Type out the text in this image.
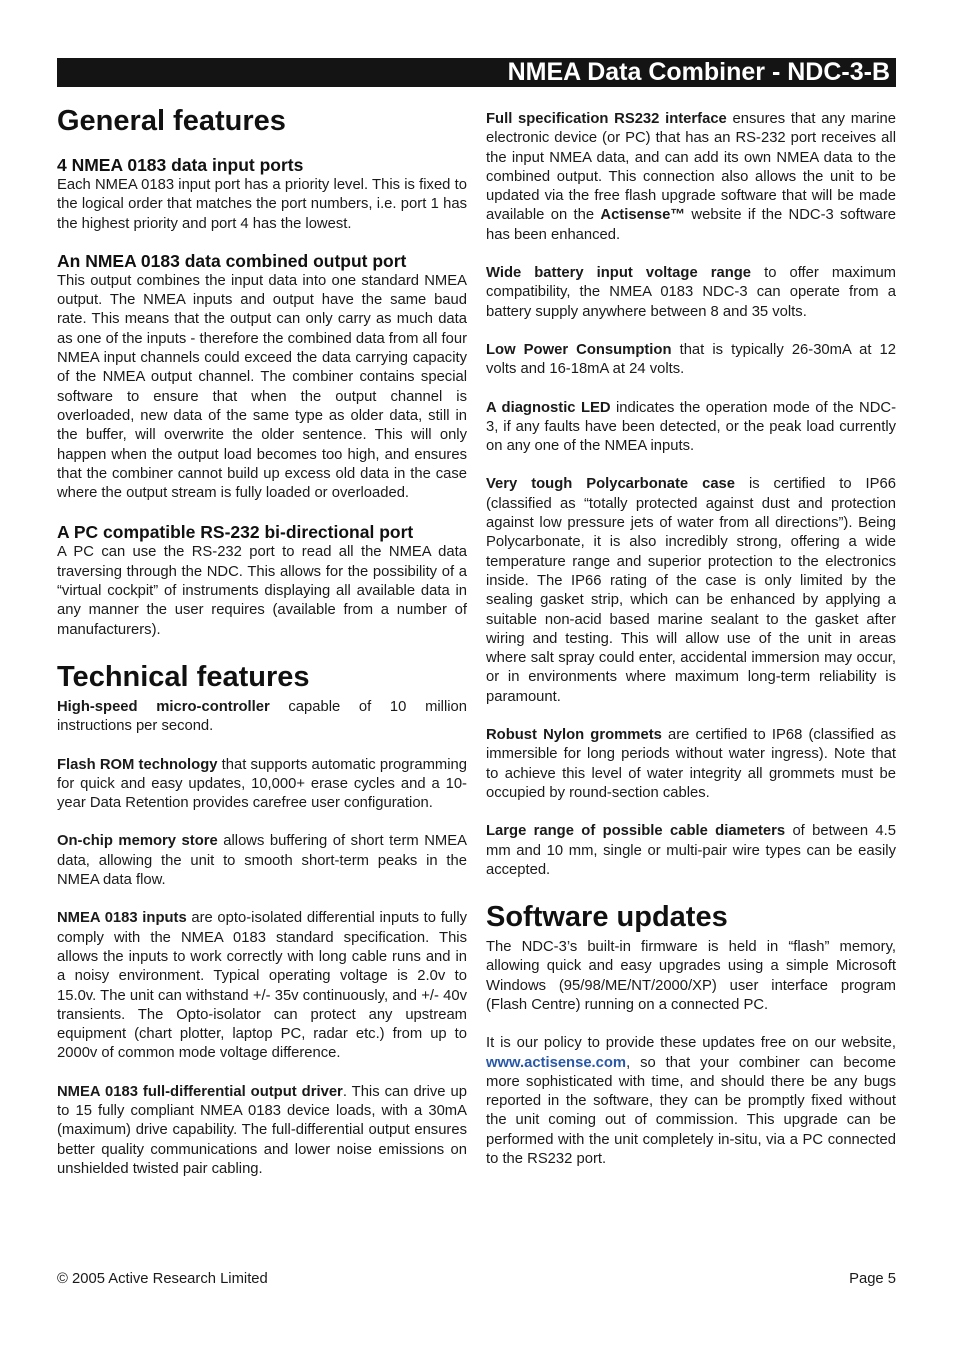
NMEA Data Combiner - NDC-3-B
General features
4 NMEA 0183 data input ports

Each NMEA 0183 input port has a priority level. This is fixed to the logical order that matches the port numbers, i.e. port 1 has the highest priority and port 4 has the lowest.

An NMEA 0183 data combined output port

This output combines the input data into one standard NMEA output. The NMEA inputs and output have the same baud rate. This means that the output can only carry as much data as one of the inputs - therefore the combined data from all four NMEA input channels could exceed the data carrying capacity of the NMEA output channel. The combiner contains special software to ensure that when the output channel is overloaded, new data of the same type as older data, still in the buffer, will overwrite the older sentence. This will only happen when the output load becomes too high, and ensures that the combiner cannot build up excess old data in the case where the output stream is fully loaded or overloaded.

A PC compatible RS-232 bi-directional port

A PC can use the RS-232 port to read all the NMEA data traversing through the NDC. This allows for the possibility of a “virtual cockpit” of instruments displaying all available data in any manner the user requires (available from a number of manufacturers).

Technical features

High-speed micro-controller capable of 10 million instructions per second.

Flash ROM technology that supports automatic programming for quick and easy updates, 10,000+ erase cycles and a 10-year Data Retention provides carefree user configuration.

On-chip memory store allows buffering of short term NMEA data, allowing the unit to smooth short-term peaks in the NMEA data flow.

NMEA 0183 inputs are opto-isolated differential inputs to fully comply with the NMEA 0183 standard specification. This allows the inputs to work correctly with long cable runs and in a noisy environment. Typical operating voltage is 2.0v to 15.0v. The unit can withstand +/- 35v continuously, and +/- 40v transients. The Opto-isolator can protect any upstream equipment (chart plotter, laptop PC, radar etc.) from up to 2000v of common mode voltage difference.

NMEA 0183 full-differential output driver. This can drive up to 15 fully compliant NMEA 0183 device loads, with a 30mA (maximum) drive capability. The full-differential output ensures better quality communications and lower noise emissions on unshielded twisted pair cabling.

Full specification RS232 interface ensures that any marine electronic device (or PC) that has an RS-232 port receives all the input NMEA data, and can add its own NMEA data to the combined output. This connection also allows the unit to be updated via the free flash upgrade software that will be made available on the Actisense™ website if the NDC-3 software has been enhanced.

Wide battery input voltage range to offer maximum compatibility, the NMEA 0183 NDC-3 can operate from a battery supply anywhere between 8 and 35 volts.

Low Power Consumption that is typically 26-30mA at 12 volts and 16-18mA at 24 volts.

A diagnostic LED indicates the operation mode of the NDC-3, if any faults have been detected, or the peak load currently on any one of the NMEA inputs.

Very tough Polycarbonate case is certified to IP66 (classified as “totally protected against dust and protection against low pressure jets of water from all directions”). Being Polycarbonate, it is also incredibly strong, offering a wide temperature range and superior protection to the electronics inside. The IP66 rating of the case is only limited by the sealing gasket strip, which can be enhanced by applying a suitable non-acid based marine sealant to the gasket after wiring and testing. This will allow use of the unit in areas where salt spray could enter, accidental immersion may occur, or in environments where maximum long-term reliability is paramount.

Robust Nylon grommets are certified to IP68 (classified as immersible for long periods without water ingress). Note that to achieve this level of water integrity all grommets must be occupied by round-section cables.

Large range of possible cable diameters of between 4.5 mm and 10 mm, single or multi-pair wire types can be easily accepted.

Software updates

The NDC-3’s built-in firmware is held in “flash” memory, allowing quick and easy upgrades using a simple Microsoft Windows (95/98/ME/NT/2000/XP) user interface program (Flash Centre) running on a connected PC.

It is our policy to provide these updates free on our website, www.actisense.com, so that your combiner can become more sophisticated with time, and should there be any bugs reported in the software, they can be promptly fixed without the unit coming out of commission. This upgrade can be performed with the unit completely in-situ, via a PC connected to the RS232 port.

© 2005 Active Research Limited	Page 5
